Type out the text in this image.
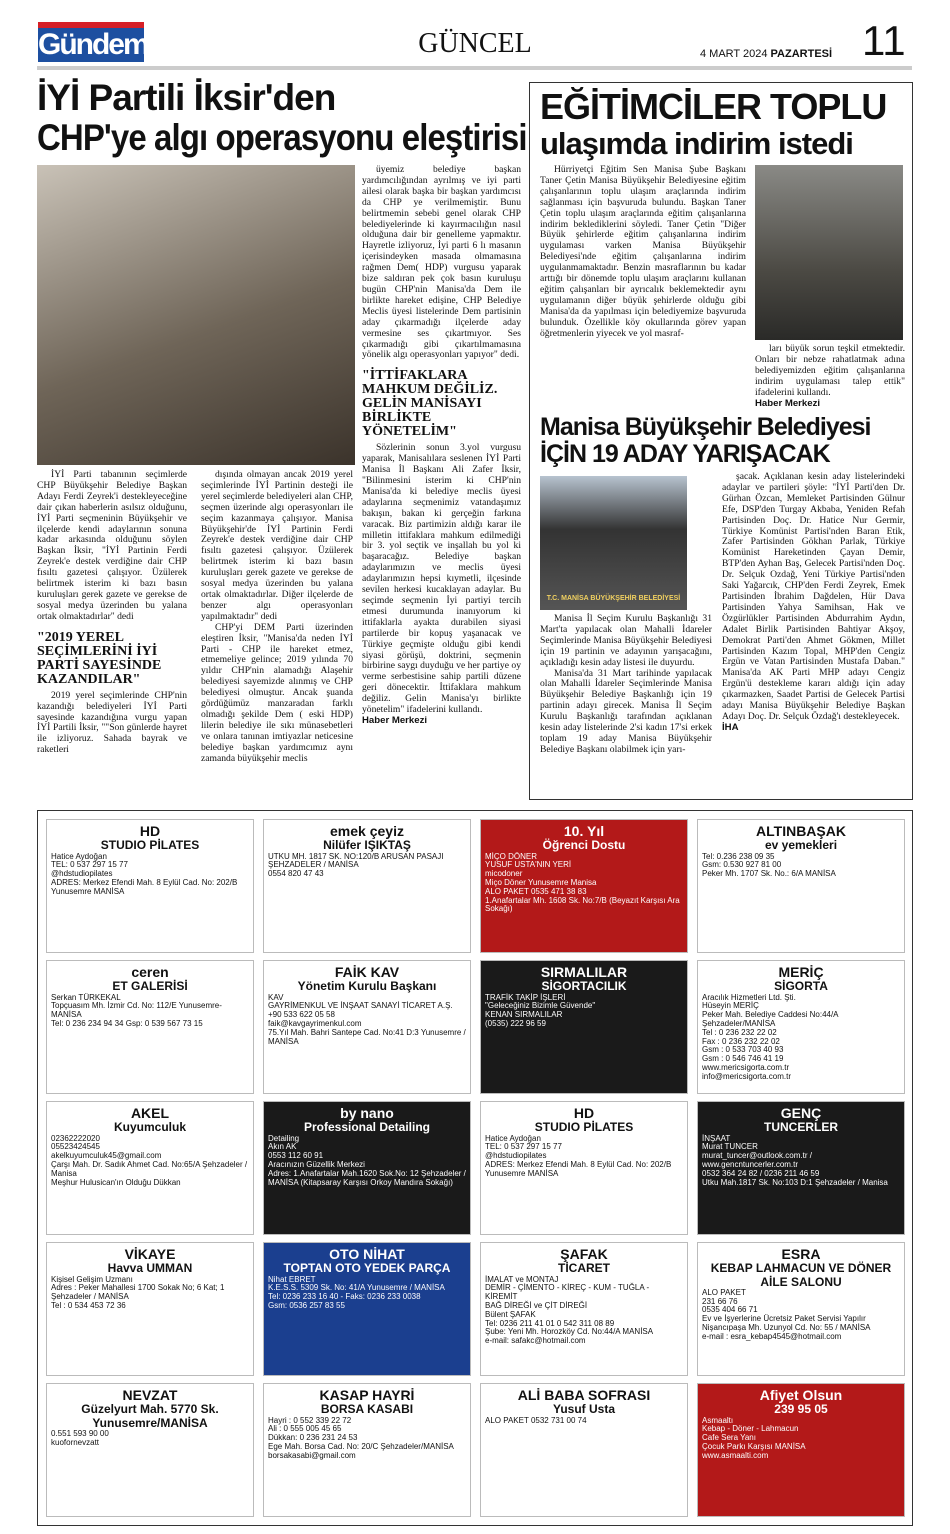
Gündem	GÜNCEL	4 MART 2024 PAZARTESİ 11
İYİ Partili İksir'den
CHP'ye algı operasyonu eleştirisi

İYİ Parti tabanının seçimlerde CHP Büyükşehir Belediye Başkan Adayı Ferdi Zeyrek'i destekleyeceğine dair çıkan haberlerin asılsız olduğunu, İYİ Parti seçmeninin Büyükşehir ve ilçelerde kendi adaylarının sonuna kadar arkasında olduğunu söylen Başkan İksir, "İYİ Partinin Ferdi Zeyrek'e destek verdiğine dair CHP fısıltı gazetesi çalışıyor. Üzülerek belirtmek isterim ki bazı basın kuruluşları gerek gazete ve gerekse de sosyal medya üzerinden bu yalana ortak olmaktadırlar" dedi

"2019 YEREL SEÇİMLERİNİ İYİ PARTİ SAYESİNDE KAZANDILAR"

2019 yerel seçimlerinde CHP'nin kazandığı belediyeleri İYİ Parti sayesinde kazandığına vurgu yapan İYİ Partili İksir, ""Son günlerde hayret ile izliyoruz. Sahada bayrak ve raketleri

dışında olmayan ancak 2019 yerel seçimlerinde İYİ Partinin desteği ile yerel seçimlerde belediyeleri alan CHP, seçmen üzerinde algı operasyonları ile seçim kazanmaya çalışıyor. Manisa Büyükşehir'de İYİ Partinin Ferdi Zeyrek'e destek verdiğine dair CHP fısıltı gazetesi çalışıyor. Üzülerek belirtmek isterim ki bazı basın kuruluşları gerek gazete ve gerekse de sosyal medya üzerinden bu yalana ortak olmaktadırlar. Diğer ilçelerde de benzer algı operasyonları yapılmaktadır" dedi

CHP'yi DEM Parti üzerinden eleştiren İksir, "Manisa'da neden İYİ Parti - CHP ile hareket etmez, etmemeliye gelince; 2019 yılında 70 yıldır CHP'nin alamadığı Alaşehir belediyesi sayemizde alınmış ve CHP belediyesi olmuştur. Ancak şuanda gördüğümüz manzaradan farklı olmadığı şekilde Dem ( eski HDP) lilerin belediye ile sıkı münasebetleri ve onlara tanınan imtiyazlar neticesine belediye başkan yardımcımız aynı zamanda büyükşehir meclis

üyemiz belediye başkan yardımcılığından ayrılmış ve iyi parti ailesi olarak başka bir başkan yardımcısı da CHP ye verilmemiştir. Bunu belirtmemin sebebi genel olarak CHP belediyelerinde ki kayırmacılığın nasıl olduğuna dair bir genelleme yapmaktır. Hayretle izliyoruz, İyi parti 6 lı masanın içerisindeyken masada olmamasına rağmen Dem( HDP) vurgusu yaparak bize saldıran pek çok basın kuruluşu bugün CHP'nin Manisa'da Dem ile birlikte hareket edişine, CHP Belediye Meclis üyesi listelerinde Dem partisinin aday çıkarmadığı ilçelerde aday vermesine ses çıkartmıyor. Ses çıkarmadığı gibi çıkartılmamasına yönelik algı operasyonları yapıyor" dedi.

"İTTİFAKLARA MAHKUM DEĞİLİZ. GELİN MANİSAYI BİRLİKTE YÖNETELİM"

Sözlerinin sonun 3.yol vurgusu yaparak, Manisalılara seslenen İYİ Parti Manisa İl Başkanı Ali Zafer İksir, "Bilinmesini isterim ki CHP'nin Manisa'da ki belediye meclis üyesi adaylarına seçmenimiz vatandaşımız bakışın, bakan ki gerçeğin farkına varacak. Biz partimizin aldığı karar ile milletin ittifaklara mahkum edilmediği bir 3. yol seçtik ve inşallah bu yol ki başaracağız. Belediye başkan adaylarımızın ve meclis üyesi adaylarımızın hepsi kıymetli, ilçesinde sevilen herkesi kucaklayan adaylar. Bu seçimde seçmenin İyi partiyi tercih etmesi durumunda inanıyorum ki ittifaklarla ayakta durabilen siyasi partilerde bir kopuş yaşanacak ve Türkiye geçmişte olduğu gibi kendi siyasi görüşü, doktrini, seçmenin birbirine saygı duyduğu ve her partiye oy verme serbestisine sahip partili düzene geri dönecektir. İttifaklara mahkum değiliz. Gelin Manisa'yı birlikte yönetelim" ifadelerini kullandı.

Haber Merkezi
EĞİTİMCİLER TOPLU
ulaşımda indirim istedi

Hürriyetçi Eğitim Sen Manisa Şube Başkanı Taner Çetin Manisa Büyükşehir Belediyesine eğitim çalışanlarının toplu ulaşım araçlarında indirim sağlanması için başvuruda bulundu. Başkan Taner Çetin toplu ulaşım araçlarında eğitim çalışanlarına indirim beklediklerini söyledi. Taner Çetin "Diğer Büyük şehirlerde eğitim çalışanlarına indirim uygulaması varken Manisa Büyükşehir Belediyesi'nde eğitim çalışanlarına indirim uygulanmamaktadır. Benzin masraflarının bu kadar arttığı bir dönemde toplu ulaşım araçlarını kullanan eğitim çalışanları bir ayrıcalık beklemektedir aynı uygulamanın diğer büyük şehirlerde olduğu gibi Manisa'da da yapılması için belediyemize başvuruda bulunduk. Özellikle köy okullarında görev yapan öğretmenlerin yiyecek ve yol masraf-

ları büyük sorun teşkil etmektedir. Onları bir nebze rahatlatmak adına belediyemizden eğitim çalışanlarına indirim uygulaması talep ettik" ifadelerini kullandı.

Haber Merkezi
Manisa Büyükşehir Belediyesi
İÇİN 19 ADAY YARIŞACAK
T.C. MANİSA BÜYÜKŞEHİR BELEDİYESİ

Manisa İl Seçim Kurulu Başkanlığı 31 Mart'ta yapılacak olan Mahalli İdareler Seçimlerinde Manisa Büyükşehir Belediyesi için 19 partinin ve adayının yarışacağını, açıkladığı kesin aday listesi ile duyurdu.

Manisa'da 31 Mart tarihinde yapılacak olan Mahalli İdareler Seçimlerinde Manisa Büyükşehir Belediye Başkanlığı için 19 partinin adayı girecek. Manisa İl Seçim Kurulu Başkanlığı tarafından açıklanan kesin aday listelerinde 2'si kadın 17'si erkek toplam 19 aday Manisa Büyükşehir Belediye Başkanı olabilmek için yarı-

şacak. Açıklanan kesin aday listelerindeki adaylar ve partileri şöyle: "İYİ Parti'den Dr. Gürhan Özcan, Memleket Partisinden Gülnur Efe, DSP'den Turgay Akbaba, Yeniden Refah Partisinden Doç. Dr. Hatice Nur Germir, Türkiye Komünist Partisi'nden Baran Etik, Zafer Partisinden Gökhan Parlak, Türkiye Komünist Hareketinden Çayan Demir, BTP'den Ayhan Baş, Gelecek Partisi'nden Doç. Dr. Selçuk Ozdağ, Yeni Türkiye Partisi'nden Saki Yağarcık, CHP'den Ferdi Zeyrek, Emek Partisinden İbrahim Dağdelen, Hür Dava Partisinden Yahya Samihsan, Hak ve Özgürlükler Partisinden Abdurrahim Aydın, Adalet Birlik Partisinden Bahtiyar Akşoy, Demokrat Parti'den Ahmet Gökmen, Millet Partisinden Kazım Topal, MHP'den Cengiz Ergün ve Vatan Partisinden Mustafa Daban." Manisa'da AK Parti MHP adayı Cengiz Ergün'ü destekleme kararı aldığı için aday çıkarmazken, Saadet Partisi de Gelecek Partisi adayı Manisa Büyükşehir Belediye Başkan Adayı Doç. Dr. Selçuk Özdağ'ı destekleyecek.

İHA
HD
STUDIO PİLATES
Hatice Aydoğan
TEL: 0 537 297 15 77
@hdstudiopilates
ADRES: Merkez Efendi Mah. 8 Eylül Cad. No: 202/B Yunusemre MANİSA
emek çeyiz
Nilüfer IŞIKTAŞ
UTKU MH. 1817 SK. NO:120/B ARUSAN PASAJI ŞEHZADELER / MANİSA
0554 820 47 43
10. Yıl
Öğrenci Dostu
MİÇO DÖNER
YUSUF USTA'NIN YERİ
micodoner
Miço Döner Yunusemre Manisa
ALO PAKET 0535 471 38 83
1.Anafartalar Mh. 1608 Sk. No:7/B (Beyazıt Karşısı Ara Sokağı)
ALTINBAŞAK
ev yemekleri
Tel: 0.236 238 09 35
Gsm: 0.530 927 81 00
Peker Mh. 1707 Sk. No.: 6/A MANİSA
ceren
ET GALERİSİ
Serkan TÜRKEKAL
Topçuasım Mh. İzmir Cd. No: 112/E Yunusemre-MANİSA
Tel: 0 236 234 94 34 Gsp: 0 539 567 73 15
FAİK KAV
Yönetim Kurulu Başkanı
KAV
GAYRİMENKUL VE İNŞAAT SANAYİ TİCARET A.Ş.
+90 533 622 05 58
faik@kavgayrimenkul.com
75.Yıl Mah. Bahri Santepe Cad. No:41 D:3 Yunusemre / MANİSA
SIRMALILAR
SİGORTACILIK
TRAFİK TAKİP İŞLERİ
"Geleceğiniz Bizimle Güvende"
KENAN SIRMALILAR
(0535) 222 96 59
MERİÇ
SİGORTA
Aracılık Hizmetleri Ltd. Şti.
Hüseyin MERİÇ
Peker Mah. Belediye Caddesi No:44/A Şehzadeler/MANİSA
Tel : 0 236 232 22 02
Fax : 0 236 232 22 02
Gsm : 0 533 703 40 93
Gsm : 0 546 746 41 19
www.mericsigorta.com.tr
info@mericsigorta.com.tr
AKEL
Kuyumculuk
02362222020
05523424545
akelkuyumculuk45@gmail.com
Çarşı Mah. Dr. Sadık Ahmet Cad. No:65/A Şehzadeler / Manisa
Meşhur Hulusican'ın Olduğu Dükkan
by nano
Professional Detailing
Detailing
Akın AK
0553 112 60 91
Aracınızın Güzellik Merkezi
Adres: 1.Anafartalar Mah.1620 Sok.No: 12 Şehzadeler / MANİSA (Kitapsaray Karşısı Orkoy Mandıra Sokağı)
HD
STUDIO PİLATES
Hatice Aydoğan
TEL: 0 537 297 15 77
@hdstudiopilates
ADRES: Merkez Efendi Mah. 8 Eylül Cad. No: 202/B Yunusemre MANİSA
GENÇ
TUNCERLER
İNŞAAT
Murat TUNCER
murat_tuncer@outlook.com.tr / www.gencntuncerler.com.tr
0532 364 24 82 / 0236 211 46 59
Utku Mah.1817 Sk. No:103 D:1 Şehzadeler / Manisa
VİKAYE
Havva UMMAN
Kişisel Gelişim Uzmanı
Adres : Peker Mahallesi 1700 Sokak No; 6 Kat; 1 Şehzadeler / MANİSA
Tel : 0 534 453 72 36
OTO NİHAT
TOPTAN OTO YEDEK PARÇA
Nihat EBRET
K.E.S.S. 5309 Sk. No: 41/A Yunusemre / MANİSA
Tel: 0236 233 16 40 - Faks: 0236 233 0038
Gsm: 0536 257 83 55
ŞAFAK
TİCARET
İMALAT ve MONTAJ
DEMİR - ÇİMENTO - KİREÇ - KUM - TUĞLA - KİREMİT
BAĞ DİREĞİ ve ÇİT DİREĞİ
Bülent ŞAFAK
Tel: 0236 211 41 01 0 542 311 08 89
Şube: Yeni Mh. Horozköy Cd. No:44/A MANİSA
e-mail: safakc@hotmail.com
ESRA
KEBAP LAHMACUN VE DÖNER AİLE SALONU
ALO PAKET
231 66 76
0535 404 66 71
Ev ve İşyerlerine Ücretsiz Paket Servisi Yapılır
Nişancıpaşa Mh. Uzunyol Cd. No: 55 / MANİSA
e-mail : esra_kebap4545@hotmail.com
NEVZAT
Güzelyurt Mah. 5770 Sk. Yunusemre/MANİSA
0.551 593 90 00
kuofornevzatt
KASAP HAYRİ
BORSA KASABI
Hayri : 0 552 339 22 72
Ali : 0 555 005 45 65
Dükkan: 0 236 231 24 53
Ege Mah. Borsa Cad. No: 20/C Şehzadeler/MANİSA
borsakasabi@gmail.com
ALİ BABA SOFRASI
Yusuf Usta
ALO PAKET 0532 731 00 74
Afiyet Olsun
239 95 05
Asmaaltı
Kebap - Döner - Lahmacun
Cafe Sera Yanı
Çocuk Parkı Karşısı MANİSA
www.asmaalti.com
